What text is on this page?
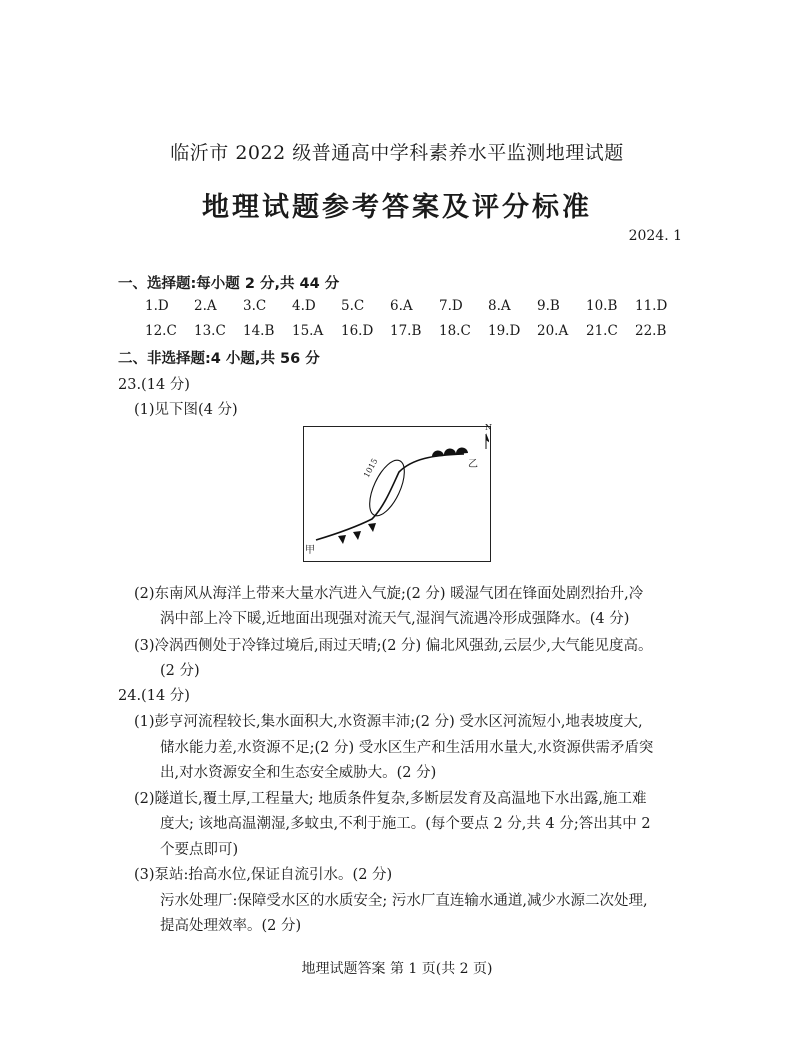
临沂市 2022 级普通高中学科素养水平监测地理试题
地理试题参考答案及评分标准
2024. 1
一、选择题:每小题 2 分,共 44 分
1.D 2.A 3.C 4.D 5.C 6.A 7.D 8.A 9.B 10.B 11.D
12.C 13.C 14.B 15.A 16.D 17.B 18.C 19.D 20.A 21.C 22.B
二、非选择题:4 小题,共 56 分
23.(14 分)
(1)见下图(4 分)
N
1015
甲
乙
(2)东南风从海洋上带来大量水汽进入气旋;(2 分) 暖湿气团在锋面处剧烈抬升,冷
涡中部上冷下暖,近地面出现强对流天气,湿润气流遇冷形成强降水。(4 分)
(3)冷涡西侧处于冷锋过境后,雨过天晴;(2 分) 偏北风强劲,云层少,大气能见度高。
(2 分)
24.(14 分)
(1)彭亨河流程较长,集水面积大,水资源丰沛;(2 分) 受水区河流短小,地表坡度大,
储水能力差,水资源不足;(2 分) 受水区生产和生活用水量大,水资源供需矛盾突
出,对水资源安全和生态安全威胁大。(2 分)
(2)隧道长,覆土厚,工程量大; 地质条件复杂,多断层发育及高温地下水出露,施工难
度大; 该地高温潮湿,多蚊虫,不利于施工。(每个要点 2 分,共 4 分;答出其中 2
个要点即可)
(3)泵站:抬高水位,保证自流引水。(2 分)
污水处理厂:保障受水区的水质安全; 污水厂直连输水通道,减少水源二次处理,
提高处理效率。(2 分)
地理试题答案 第 1 页(共 2 页)
